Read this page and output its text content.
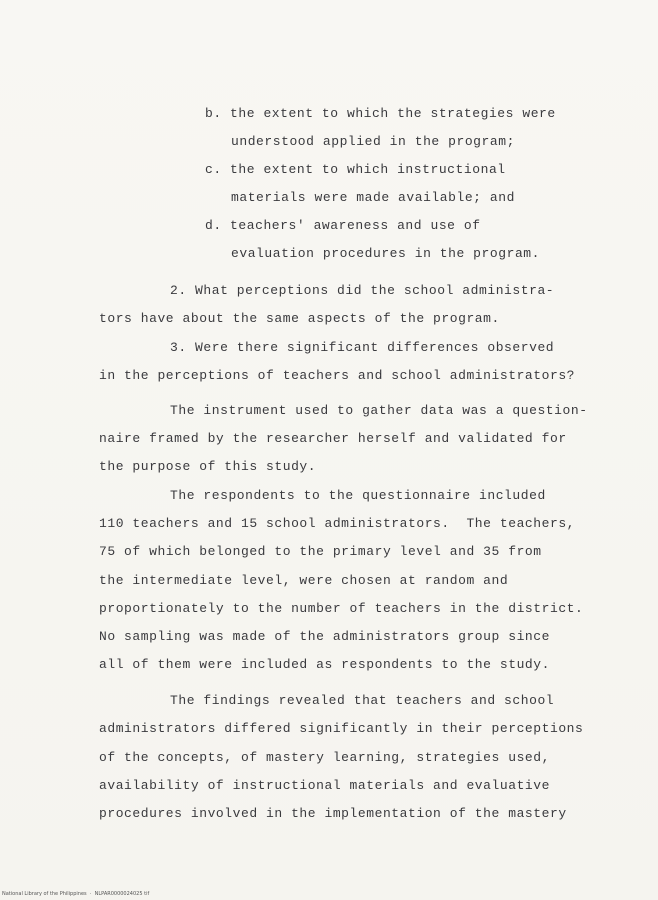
b. the extent to which the strategies were
understood applied in the program;
c. the extent to which instructional
materials were made available; and
d. teachers' awareness and use of
evaluation procedures in the program.
2. What perceptions did the school administra-
tors have about the same aspects of the program.
3. Were there significant differences observed
in the perceptions of teachers and school administrators?
The instrument used to gather data was a question-
naire framed by the researcher herself and validated for
the purpose of this study.
The respondents to the questionnaire included
110 teachers and 15 school administrators.  The teachers,
75 of which belonged to the primary level and 35 from
the intermediate level, were chosen at random and
proportionately to the number of teachers in the district.
No sampling was made of the administrators group since
all of them were included as respondents to the study.
The findings revealed that teachers and school
administrators differed significantly in their perceptions
of the concepts, of mastery learning, strategies used,
availability of instructional materials and evaluative
procedures involved in the implementation of the mastery
National Library of the Philippines  ·  NLPAR0000024025 tif
